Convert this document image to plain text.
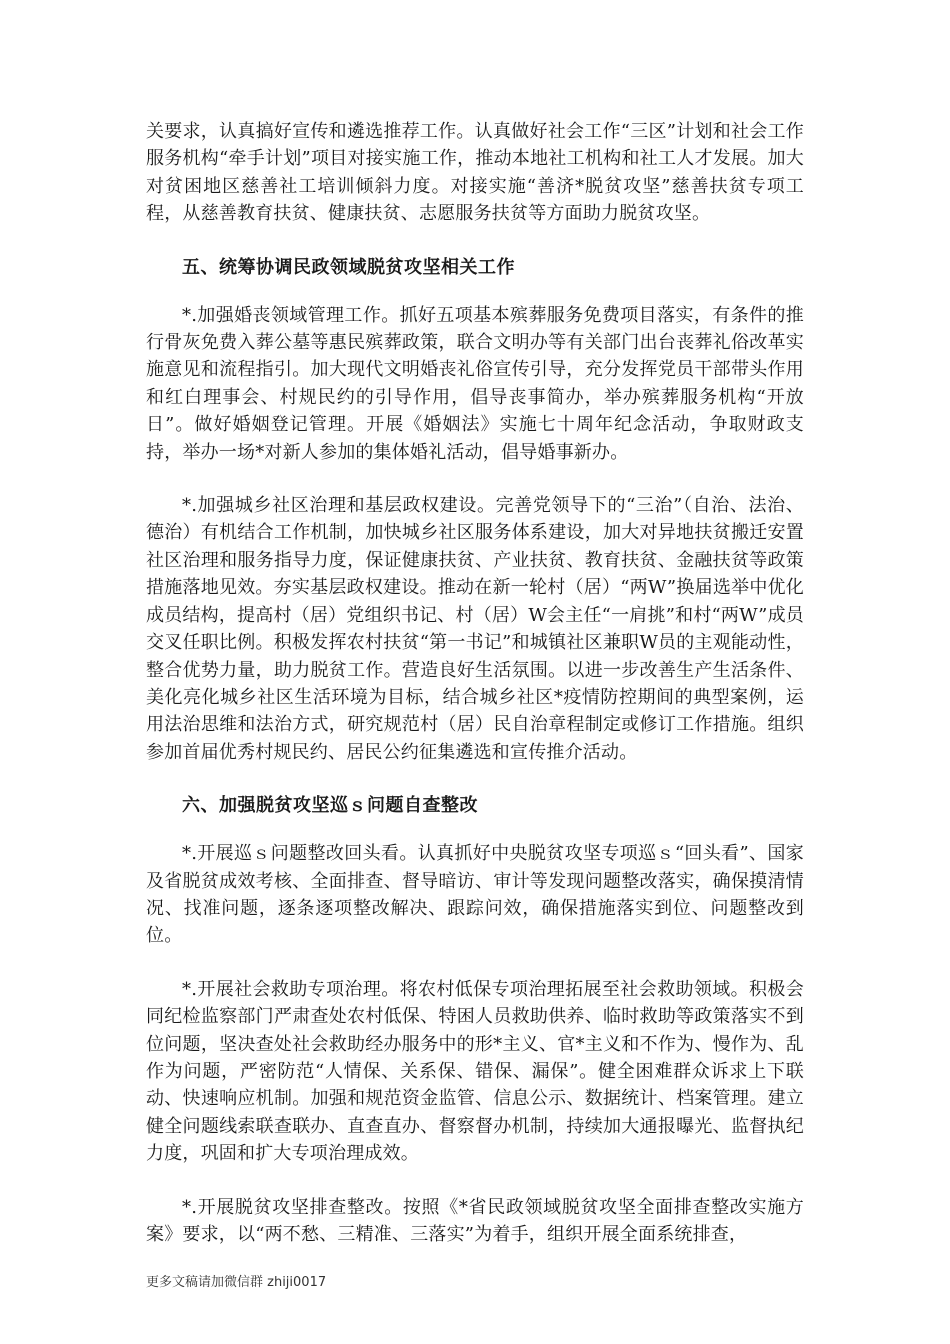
关要求，认真搞好宣传和遴选推荐工作。认真做好社会工作“三区”计划和社会工作服务机构“牵手计划”项目对接实施工作，推动本地社工机构和社工人才发展。加大对贫困地区慈善社工培训倾斜力度。对接实施“善济*脱贫攻坚”慈善扶贫专项工程，从慈善教育扶贫、健康扶贫、志愿服务扶贫等方面助力脱贫攻坚。

五、统筹协调民政领域脱贫攻坚相关工作

*.加强婚丧领域管理工作。抓好五项基本殡葬服务免费项目落实，有条件的推行骨灰免费入葬公墓等惠民殡葬政策，联合文明办等有关部门出台丧葬礼俗改革实施意见和流程指引。加大现代文明婚丧礼俗宣传引导，充分发挥党员干部带头作用和红白理事会、村规民约的引导作用，倡导丧事简办，举办殡葬服务机构“开放日”。做好婚姻登记管理。开展《婚姻法》实施七十周年纪念活动，争取财政支持，举办一场*对新人参加的集体婚礼活动，倡导婚事新办。

*.加强城乡社区治理和基层政权建设。完善党领导下的“三治”（自治、法治、德治）有机结合工作机制，加快城乡社区服务体系建设，加大对异地扶贫搬迁安置社区治理和服务指导力度，保证健康扶贫、产业扶贫、教育扶贫、金融扶贫等政策措施落地见效。夯实基层政权建设。推动在新一轮村（居）“两W”换届选举中优化成员结构，提高村（居）党组织书记、村（居）W会主任“一肩挑”和村“两W”成员交叉任职比例。积极发挥农村扶贫“第一书记”和城镇社区兼职W员的主观能动性，整合优势力量，助力脱贫工作。营造良好生活氛围。以进一步改善生产生活条件、美化亮化城乡社区生活环境为目标，结合城乡社区*疫情防控期间的典型案例，运用法治思维和法治方式，研究规范村（居）民自治章程制定或修订工作措施。组织参加首届优秀村规民约、居民公约征集遴选和宣传推介活动。

六、加强脱贫攻坚巡ｓ问题自查整改

*.开展巡ｓ问题整改回头看。认真抓好中央脱贫攻坚专项巡ｓ“回头看”、国家及省脱贫成效考核、全面排查、督导暗访、审计等发现问题整改落实，确保摸清情况、找准问题，逐条逐项整改解决、跟踪问效，确保措施落实到位、问题整改到位。

*.开展社会救助专项治理。将农村低保专项治理拓展至社会救助领域。积极会同纪检监察部门严肃查处农村低保、特困人员救助供养、临时救助等政策落实不到位问题，坚决查处社会救助经办服务中的形*主义、官*主义和不作为、慢作为、乱作为问题，严密防范“人情保、关系保、错保、漏保”。健全困难群众诉求上下联动、快速响应机制。加强和规范资金监管、信息公示、数据统计、档案管理。建立健全问题线索联查联办、直查直办、督察督办机制，持续加大通报曝光、监督执纪力度，巩固和扩大专项治理成效。

*.开展脱贫攻坚排查整改。按照《*省民政领域脱贫攻坚全面排查整改实施方案》要求，以“两不愁、三精准、三落实”为着手，组织开展全面系统排查，

更多文稿请加微信群 zhiji0017
